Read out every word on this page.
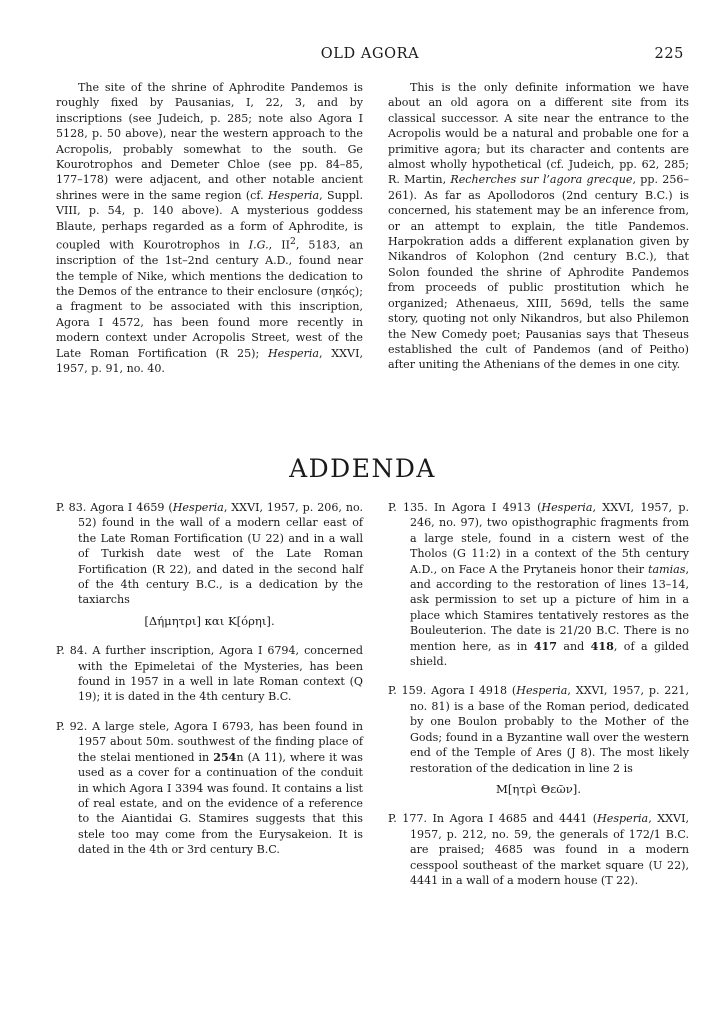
OLD AGORA	225

The site of the shrine of Aphrodite Pandemos is roughly fixed by Pausanias, I, 22, 3, and by inscriptions (see Judeich, p. 285; note also Agora I 5128, p. 50 above), near the western approach to the Acropolis, probably somewhat to the south. Ge Kourotrophos and Demeter Chloe (see pp. 84–85, 177–178) were adjacent, and other notable ancient shrines were in the same region (cf. Hesperia, Suppl. VIII, p. 54, p. 140 above). A mysterious goddess Blaute, perhaps regarded as a form of Aphrodite, is coupled with Kourotrophos in I.G., $II^2$, 5183, an inscription of the 1st–2nd century A.D., found near the temple of Nike, which mentions the dedication to the Demos of the entrance to their enclosure (σηκός); a fragment to be associated with this inscription, Agora I 4572, has been found more recently in modern context under Acropolis Street, west of the Late Roman Fortification (R 25); Hesperia, XXVI, 1957, p. 91, no. 40.

This is the only definite information we have about an old agora on a different site from its classical successor. A site near the entrance to the Acropolis would be a natural and probable one for a primitive agora; but its character and contents are almost wholly hypothetical (cf. Judeich, pp. 62, 285; R. Martin, Recherches sur l’agora grecque, pp. 256–261). As far as Apollodoros (2nd century B.C.) is concerned, his statement may be an inference from, or an attempt to explain, the title Pandemos. Harpokration adds a different explanation given by Nikandros of Kolophon (2nd century B.C.), that Solon founded the shrine of Aphrodite Pandemos from proceeds of public prostitution which he organized; Athenaeus, XIII, 569d, tells the same story, quoting not only Nikandros, but also Philemon the New Comedy poet; Pausanias says that Theseus established the cult of Pandemos (and of Peitho) after uniting the Athenians of the demes in one city.

ADDENDA

P. 83. Agora I 4659 (Hesperia, XXVI, 1957, p. 206, no. 52) found in the wall of a modern cellar east of the Late Roman Fortification (U 22) and in a wall of Turkish date west of the Late Roman Fortification (R 22), and dated in the second half of the 4th century B.C., is a dedication by the taxiarchs

[Δήμητρι] και Κ[όρηι].

P. 84. A further inscription, Agora I 6794, concerned with the Epimeletai of the Mysteries, has been found in 1957 in a well in late Roman context (Q 19); it is dated in the 4th century B.C.

P. 92. A large stele, Agora I 6793, has been found in 1957 about 50m. southwest of the finding place of the stelai mentioned in 254n (A 11), where it was used as a cover for a continuation of the conduit in which Agora I 3394 was found. It contains a list of real estate, and on the evidence of a reference to the Aiantidai G. Stamires suggests that this stele too may come from the Eurysakeion. It is dated in the 4th or 3rd century B.C.

P. 135. In Agora I 4913 (Hesperia, XXVI, 1957, p. 246, no. 97), two opisthographic fragments from a large stele, found in a cistern west of the Tholos (G 11:2) in a context of the 5th century A.D., on Face A the Prytaneis honor their tamias, and according to the restoration of lines 13–14, ask permission to set up a picture of him in a place which Stamires tentatively restores as the Bouleuterion. The date is 21/20 B.C. There is no mention here, as in 417 and 418, of a gilded shield.

P. 159. Agora I 4918 (Hesperia, XXVI, 1957, p. 221, no. 81) is a base of the Roman period, dedicated by one Boulon probably to the Mother of the Gods; found in a Byzantine wall over the western end of the Temple of Ares (J 8). The most likely restoration of the dedication in line 2 is

Μ[ητρὶ Θεῶν].

P. 177. In Agora I 4685 and 4441 (Hesperia, XXVI, 1957, p. 212, no. 59, the generals of 172/1 B.C. are praised; 4685 was found in a modern cesspool southeast of the market square (U 22), 4441 in a wall of a modern house (T 22).
